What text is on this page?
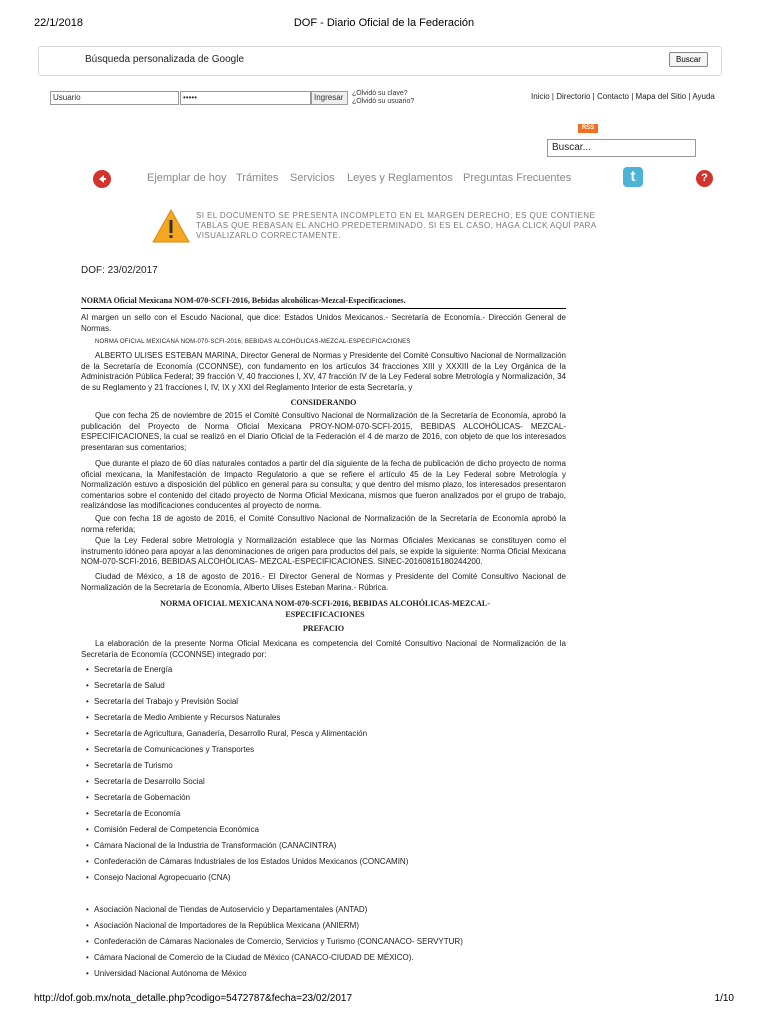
22/1/2018	DOF - Diario Oficial de la Federación
Búsqueda personalizada de Google	Buscar
Usuario	•••••	Ingresar	¿Olvidó su clave?
¿Olvidó su usuario?
Inicio | Directorio | Contacto | Mapa del Sitio | Ayuda
RSS
Buscar...
Ejemplar de hoy Trámites Servicios Leyes y Reglamentos Preguntas Frecuentes	t	?
SI EL DOCUMENTO SE PRESENTA INCOMPLETO EN EL MARGEN DERECHO, ES QUE CONTIENE TABLAS QUE REBASAN EL ANCHO PREDETERMINADO. SI ES EL CASO, HAGA CLICK AQUÍ PARA VISUALIZARLO CORRECTAMENTE.
DOF: 23/02/2017
NORMA Oficial Mexicana NOM-070-SCFI-2016, Bebidas alcohólicas-Mezcal-Especificaciones.
Al margen un sello con el Escudo Nacional, que dice: Estados Unidos Mexicanos.- Secretaría de Economía.- Dirección General de Normas.
NORMA OFICIAL MEXICANA NOM-070-SCFI-2016, BEBIDAS ALCOHÓLICAS-MEZCAL-ESPECIFICACIONES
ALBERTO ULISES ESTEBAN MARINA, Director General de Normas y Presidente del Comité Consultivo Nacional de Normalización de la Secretaría de Economía (CCONNSE), con fundamento en los artículos 34 fracciones XIII y XXXIII de la Ley Orgánica de la Administración Pública Federal; 39 fracción V, 40 fracciones I, XV, 47 fracción IV de la Ley Federal sobre Metrología y Normalización, 34 de su Reglamento y 21 fracciones I, IV, IX y XXI del Reglamento Interior de esta Secretaría, y
CONSIDERANDO
Que con fecha 25 de noviembre de 2015 el Comité Consultivo Nacional de Normalización de la Secretaría de Economía, aprobó la publicación del Proyecto de Norma Oficial Mexicana PROY-NOM-070-SCFI-2015, BEBIDAS ALCOHÓLICAS- MEZCAL-ESPECIFICACIONES, la cual se realizó en el Diario Oficial de la Federación el 4 de marzo de 2016, con objeto de que los interesados presentaran sus comentarios;
Que durante el plazo de 60 días naturales contados a partir del día siguiente de la fecha de publicación de dicho proyecto de norma oficial mexicana, la Manifestación de Impacto Regulatorio a que se refiere el artículo 45 de la Ley Federal sobre Metrología y Normalización estuvo a disposición del público en general para su consulta; y que dentro del mismo plazo, los interesados presentaron comentarios sobre el contenido del citado proyecto de Norma Oficial Mexicana, mismos que fueron analizados por el grupo de trabajo, realizándose las modificaciones conducentes al proyecto de norma.
Que con fecha 18 de agosto de 2016, el Comité Consultivo Nacional de Normalización de la Secretaría de Economía aprobó la norma referida;
Que la Ley Federal sobre Metrología y Normalización establece que las Normas Oficiales Mexicanas se constituyen como el instrumento idóneo para apoyar a las denominaciones de origen para productos del país, se expide la siguiente: Norma Oficial Mexicana NOM-070-SCFI-2016, BEBIDAS ALCOHÓLICAS- MEZCAL-ESPECIFICACIONES. SINEC-20160815180244200.
Ciudad de México, a 18 de agosto de 2016.- El Director General de Normas y Presidente del Comité Consultivo Nacional de Normalización de la Secretaría de Economía, Alberto Ulises Esteban Marina.- Rúbrica.
NORMA OFICIAL MEXICANA NOM-070-SCFI-2016, BEBIDAS ALCOHÓLICAS-MEZCAL-ESPECIFICACIONES
PREFACIO
La elaboración de la presente Norma Oficial Mexicana es competencia del Comité Consultivo Nacional de Normalización de la Secretaría de Economía (CCONNSE) integrado por:
• Secretaría de Energía
• Secretaría de Salud
• Secretaría del Trabajo y Previsión Social
• Secretaría de Medio Ambiente y Recursos Naturales
• Secretaría de Agricultura, Ganadería, Desarrollo Rural, Pesca y Alimentación
• Secretaría de Comunicaciones y Transportes
• Secretaría de Turismo
• Secretaría de Desarrollo Social
• Secretaría de Gobernación
• Secretaría de Economía
• Comisión Federal de Competencia Económica
• Cámara Nacional de la Industria de Transformación (CANACINTRA)
• Confederación de Cámaras Industriales de los Estados Unidos Mexicanos (CONCAMIN)
• Consejo Nacional Agropecuario (CNA)
• Asociación Nacional de Tiendas de Autoservicio y Departamentales (ANTAD)
• Asociación Nacional de Importadores de la República Mexicana (ANIERM)
• Confederación de Cámaras Nacionales de Comercio, Servicios y Turismo (CONCANACO- SERVYTUR)
• Cámara Nacional de Comercio de la Ciudad de México (CANACO-CIUDAD DE MÉXICO).
• Universidad Nacional Autónoma de México
http://dof.gob.mx/nota_detalle.php?codigo=5472787&fecha=23/02/2017	1/10
